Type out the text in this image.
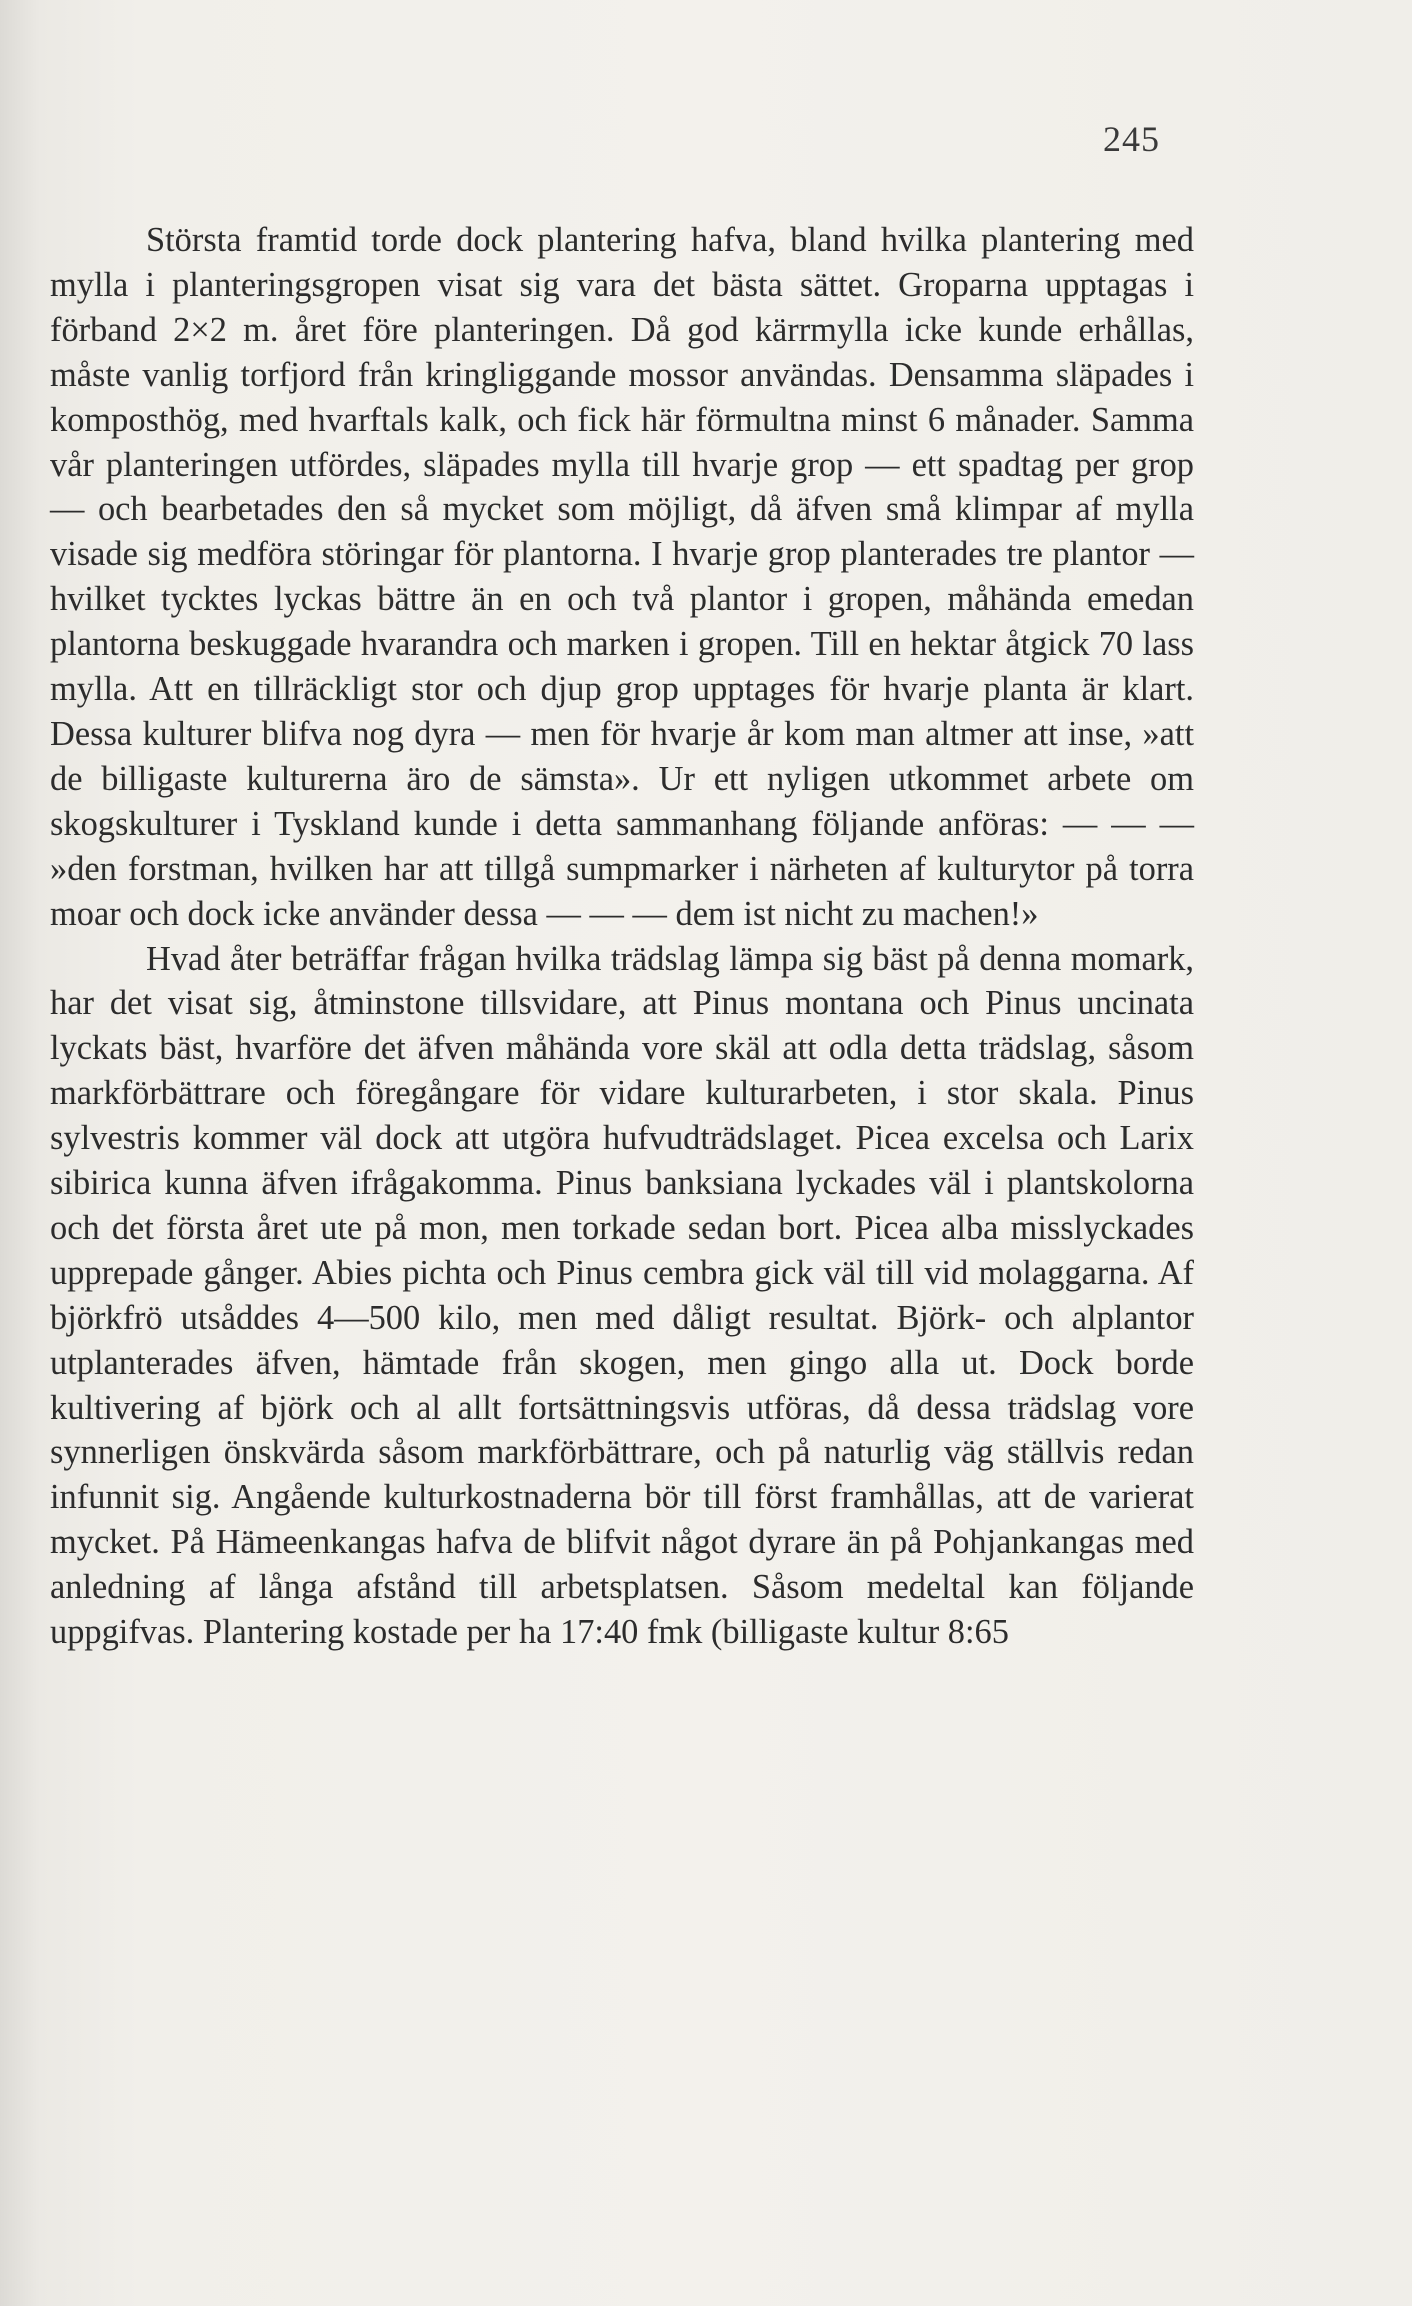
245

Största framtid torde dock plantering hafva, bland hvilka plantering med mylla i planteringsgropen visat sig vara det bästa sättet. Groparna upptagas i förband 2×2 m. året före planteringen. Då god kärrmylla icke kunde erhållas, måste vanlig torfjord från kringliggande mossor användas. Densamma släpades i komposthög, med hvarftals kalk, och fick här förmultna minst 6 månader. Samma vår planteringen utfördes, släpades mylla till hvarje grop — ett spadtag per grop — och bearbetades den så mycket som möjligt, då äfven små klimpar af mylla visade sig medföra störingar för plantorna. I hvarje grop planterades tre plantor — hvilket tycktes lyckas bättre än en och två plantor i gropen, måhända emedan plantorna beskuggade hvarandra och marken i gropen. Till en hektar åtgick 70 lass mylla. Att en tillräckligt stor och djup grop upptages för hvarje planta är klart. Dessa kulturer blifva nog dyra — men för hvarje år kom man altmer att inse, »att de billigaste kulturerna äro de sämsta». Ur ett nyligen utkommet arbete om skogskulturer i Tyskland kunde i detta sammanhang följande anföras: — — — »den forstman, hvilken har att tillgå sumpmarker i närheten af kulturytor på torra moar och dock icke använder dessa — — — dem ist nicht zu machen!»

Hvad åter beträffar frågan hvilka trädslag lämpa sig bäst på denna momark, har det visat sig, åtminstone tillsvidare, att Pinus montana och Pinus uncinata lyckats bäst, hvarföre det äfven måhända vore skäl att odla detta trädslag, såsom markförbättrare och föregångare för vidare kulturarbeten, i stor skala. Pinus sylvestris kommer väl dock att utgöra hufvudträdslaget. Picea excelsa och Larix sibirica kunna äfven ifrågakomma. Pinus banksiana lyckades väl i plantskolorna och det första året ute på mon, men torkade sedan bort. Picea alba misslyckades upprepade gånger. Abies pichta och Pinus cembra gick väl till vid molaggarna. Af björkfrö utsåddes 4—500 kilo, men med dåligt resultat. Björk- och alplantor utplanterades äfven, hämtade från skogen, men gingo alla ut. Dock borde kultivering af björk och al allt fortsättningsvis utföras, då dessa trädslag vore synnerligen önskvärda såsom markförbättrare, och på naturlig väg ställvis redan infunnit sig. Angående kulturkostnaderna bör till först framhållas, att de varierat mycket. På Hämeenkangas hafva de blifvit något dyrare än på Pohjankangas med anledning af långa afstånd till arbetsplatsen. Såsom medeltal kan följande uppgifvas. Plantering kostade per ha 17:40 fmk (billigaste kultur 8:65
